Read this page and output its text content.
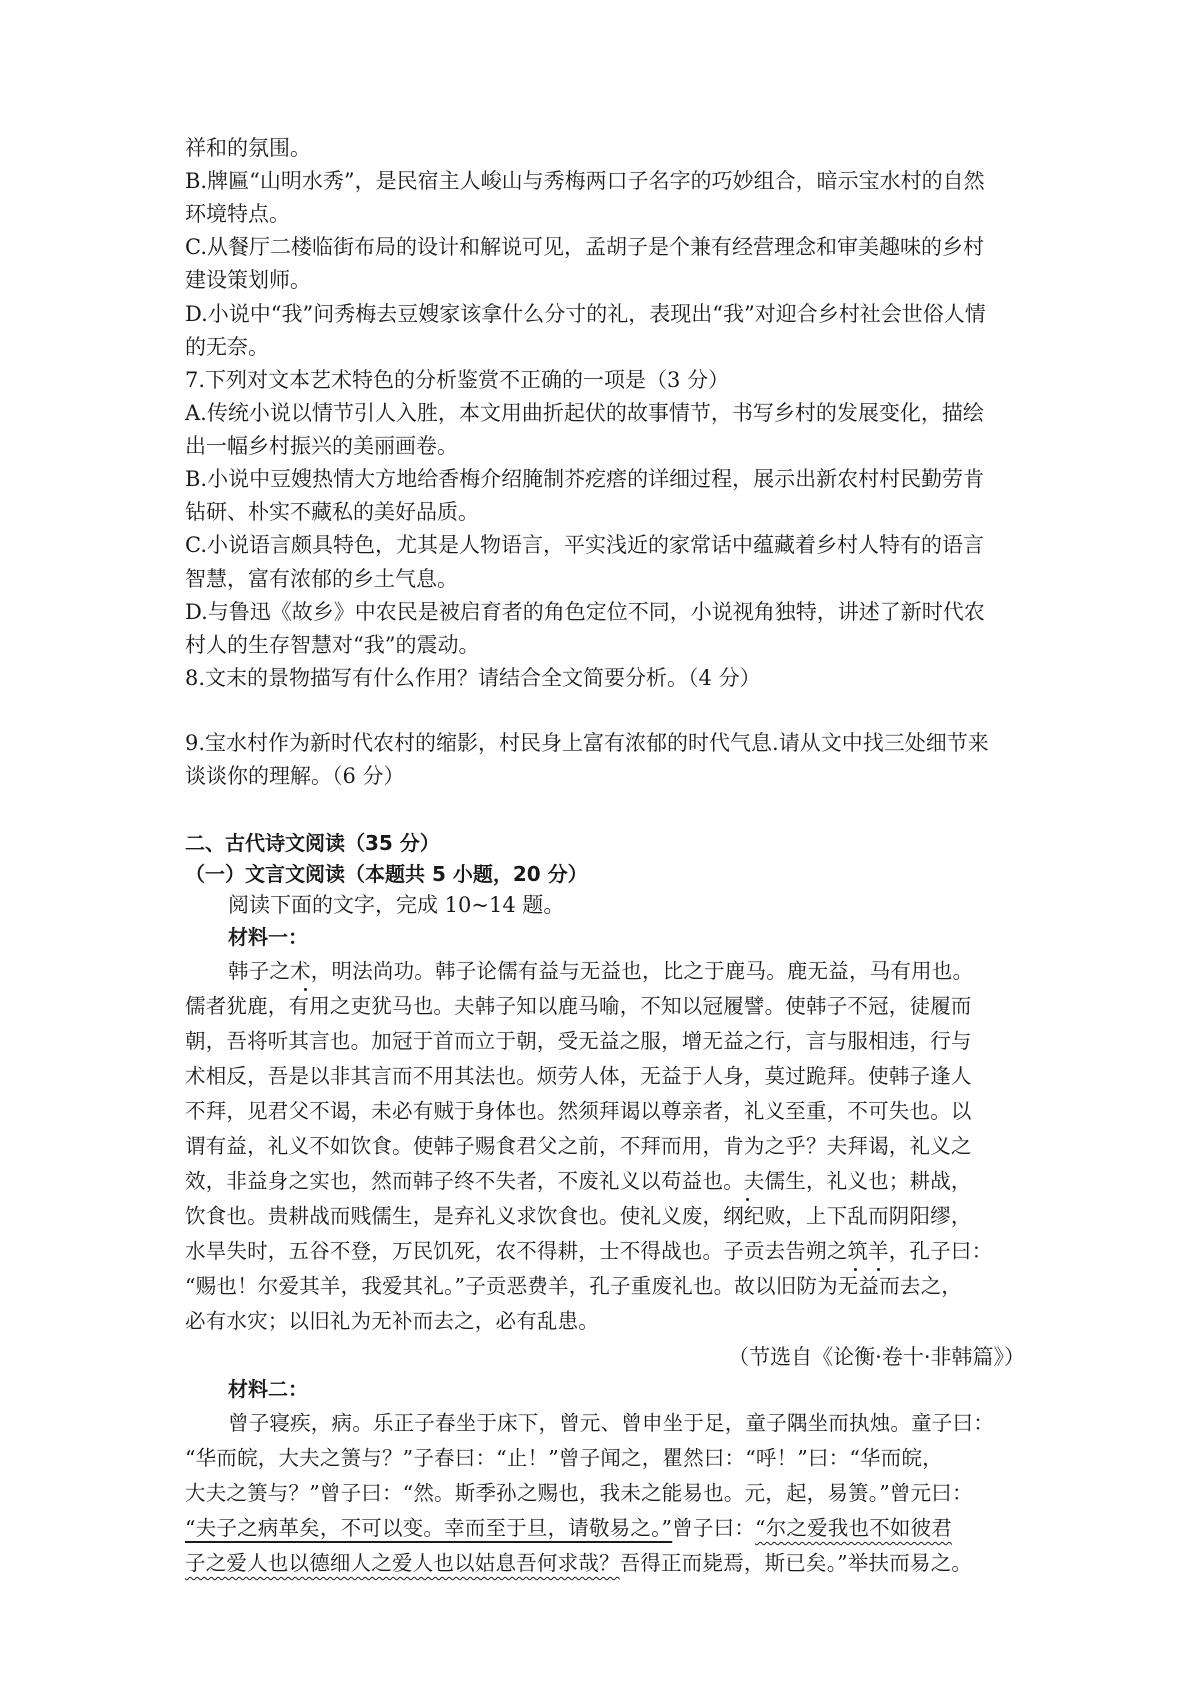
祥和的氛围。

B.牌匾“山明水秀”，是民宿主人峻山与秀梅两口子名字的巧妙组合，暗示宝水村的自然

环境特点。

C.从餐厅二楼临街布局的设计和解说可见，孟胡子是个兼有经营理念和审美趣味的乡村

建设策划师。

D.小说中“我”问秀梅去豆嫂家该拿什么分寸的礼，表现出“我”对迎合乡村社会世俗人情

的无奈。

7.下列对文本艺术特色的分析鉴赏不正确的一项是（3 分）

A.传统小说以情节引人入胜，本文用曲折起伏的故事情节，书写乡村的发展变化，描绘

出一幅乡村振兴的美丽画卷。

B.小说中豆嫂热情大方地给香梅介绍腌制芥疙瘩的详细过程，展示出新农村村民勤劳肯

钻研、朴实不藏私的美好品质。

C.小说语言颇具特色，尤其是人物语言，平实浅近的家常话中蕴藏着乡村人特有的语言

智慧，富有浓郁的乡土气息。

D.与鲁迅《故乡》中农民是被启育者的角色定位不同，小说视角独特，讲述了新时代农

村人的生存智慧对“我”的震动。

8.文末的景物描写有什么作用？请结合全文简要分析。（4 分）

9.宝水村作为新时代农村的缩影，村民身上富有浓郁的时代气息.请从文中找三处细节来

谈谈你的理解。（6 分）

二、古代诗文阅读（35 分）

（一）文言文阅读（本题共 5 小题，20 分）

阅读下面的文字，完成 10~14 题。

材料一：

韩子之术，明法尚功。韩子论儒有益与无益也，比之于鹿马。鹿无益，马有用也。

儒者犹鹿，有用之吏犹马也。夫韩子知以鹿马喻，不知以冠履譬。使韩子不冠，徒履而

朝，吾将听其言也。加冠于首而立于朝，受无益之服，增无益之行，言与服相违，行与

术相反，吾是以非其言而不用其法也。烦劳人体，无益于人身，莫过跪拜。使韩子逢人

不拜，见君父不谒，未必有贼于身体也。然须拜谒以尊亲者，礼义至重，不可失也。以

谓有益，礼义不如饮食。使韩子赐食君父之前，不拜而用，肯为之乎？夫拜谒，礼义之

效，非益身之实也，然而韩子终不失者，不废礼义以苟益也。夫儒生，礼义也；耕战，

饮食也。贵耕战而贱儒生，是弃礼义求饮食也。使礼义废，纲纪败，上下乱而阴阳缪，

水旱失时，五谷不登，万民饥死，农不得耕，士不得战也。子贡去告朔之筑羊，孔子曰：

“赐也！尔爱其羊，我爱其礼。”子贡恶费羊，孔子重废礼也。故以旧防为无益而去之，

必有水灾；以旧礼为无补而去之，必有乱患。

（节选自《论衡·卷十·非韩篇》）

材料二：

曾子寝疾，病。乐正子春坐于床下，曾元、曾申坐于足，童子隅坐而执烛。童子曰：

“华而皖，大夫之箦与？”子春曰：“止！”曾子闻之，瞿然曰：“呼！”曰：“华而皖，

大夫之箦与？”曾子曰：“然。斯季孙之赐也，我未之能易也。元，起，易箦。”曾元曰：

“夫子之病革矣，不可以变。幸而至于旦，请敬易之。”曾子曰：“尔之爱我也不如彼君

子之爱人也以德细人之爱人也以姑息吾何求哉？吾得正而毙焉，斯已矣。”举扶而易之。
